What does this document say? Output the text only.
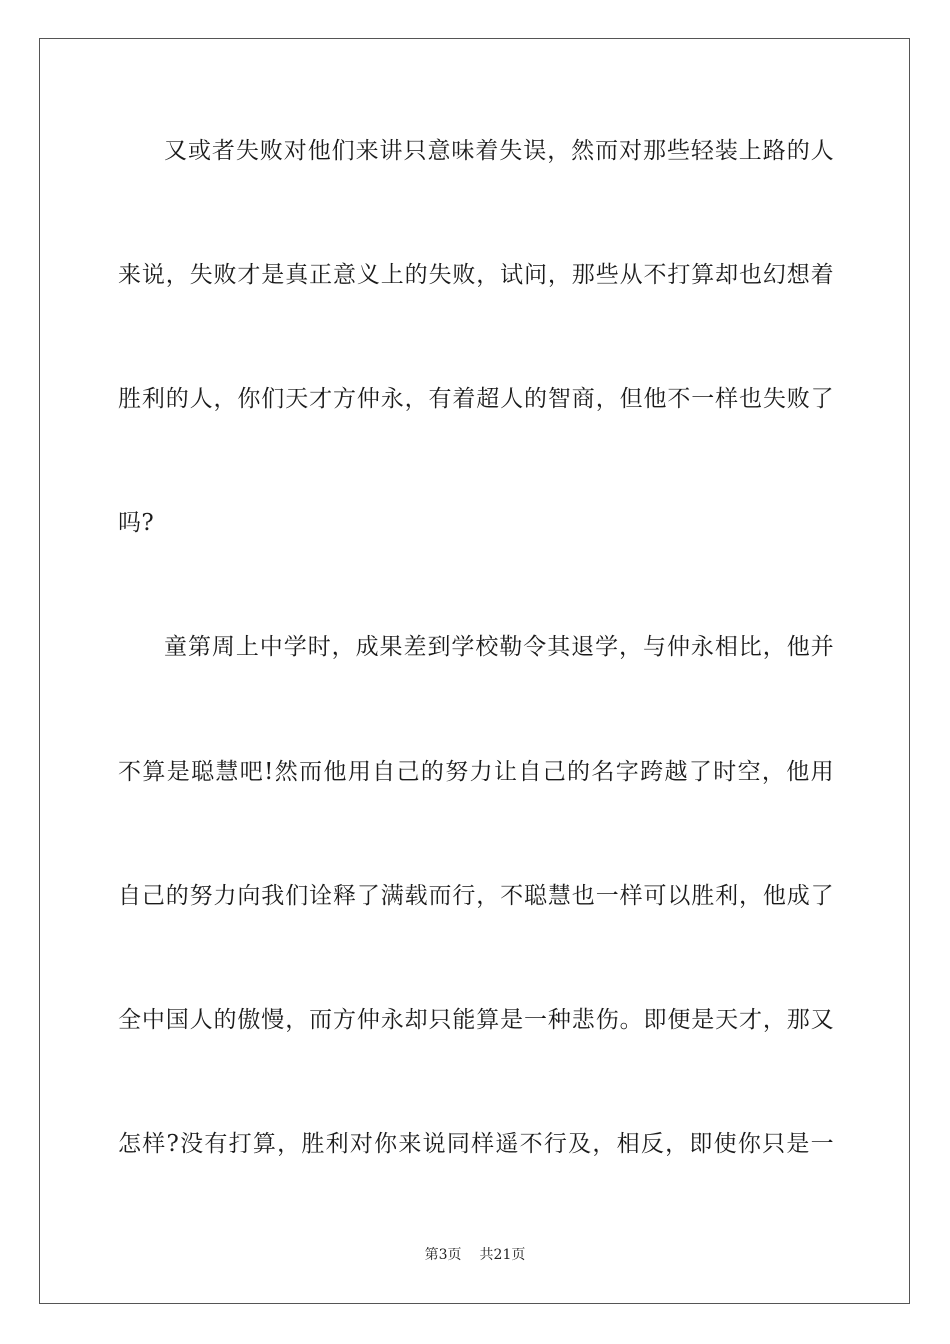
又或者失败对他们来讲只意味着失误，然而对那些轻装上路的人
来说，失败才是真正意义上的失败，试问，那些从不打算却也幻想着
胜利的人，你们天才方仲永，有着超人的智商，但他不一样也失败了
吗?
童第周上中学时，成果差到学校勒令其退学，与仲永相比，他并
不算是聪慧吧!然而他用自己的努力让自己的名字跨越了时空，他用
自己的努力向我们诠释了满载而行，不聪慧也一样可以胜利，他成了
全中国人的傲慢，而方仲永却只能算是一种悲伤。即便是天才，那又
怎样?没有打算，胜利对你来说同样遥不行及，相反，即使你只是一
第3页 共21页
